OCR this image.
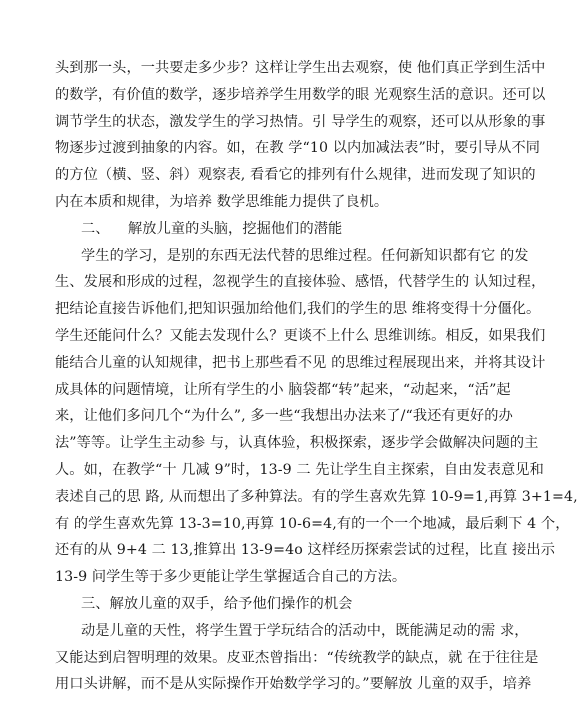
头到那一头，一共要走多少步？这样让学生出去观察，使 他们真正学到生活中
的数学，有价值的数学，逐步培养学生用数学的眼 光观察生活的意识。还可以
调节学生的状态，激发学生的学习热情。引 导学生的观察，还可以从形象的事
物逐步过渡到抽象的内容。如，在教 学“10 以内加减法表”时，要引导从不同
的方位（横、竖、斜）观察表, 看看它的排列有什么规律，进而发现了知识的
内在本质和规律，为培养 数学思维能力提供了良机。
二、    解放儿童的头脑，挖掘他们的潜能
学生的学习，是别的东西无法代替的思维过程。任何新知识都有它 的发
生、发展和形成的过程，忽视学生的直接体验、感悟，代替学生的 认知过程，
把结论直接告诉他们,把知识强加给他们,我们的学生的思 维将变得十分僵化。
学生还能问什么？又能去发现什么？更谈不上什么 思维训练。相反，如果我们
能结合儿童的认知规律，把书上那些看不见 的思维过程展现出来，并将其设计
成具体的问题情境，让所有学生的小 脑袋都“转”起来，“动起来，“活”起
来，让他们多问几个“为什么”, 多一些“我想出办法来了/“我还有更好的办
法”等等。让学生主动参 与，认真体验，积极探索，逐步学会做解决问题的主
人。如，在教学“十 几减 9”时，13-9 二 先让学生自主探索，自由发表意见和
表述自己的思 路, 从而想出了多种算法。有的学生喜欢先算 10-9=1,再算 3+1=4,
有 的学生喜欢先算 13-3=10,再算 10-6=4,有的一个一个地减，最后剩下 4 个，
还有的从 9+4 二 13,推算出 13-9=4o 这样经历探索尝试的过程，比直 接出示
13-9 问学生等于多少更能让学生掌握适合自己的方法。
三、解放儿童的双手，给予他们操作的机会
动是儿童的天性，将学生置于学玩结合的活动中，既能满足动的需 求，
又能达到启智明理的效果。皮亚杰曾指出：“传统教学的缺点，就 在于往往是
用口头讲解，而不是从实际操作开始数学学习的。”要解放 儿童的双手，培养
